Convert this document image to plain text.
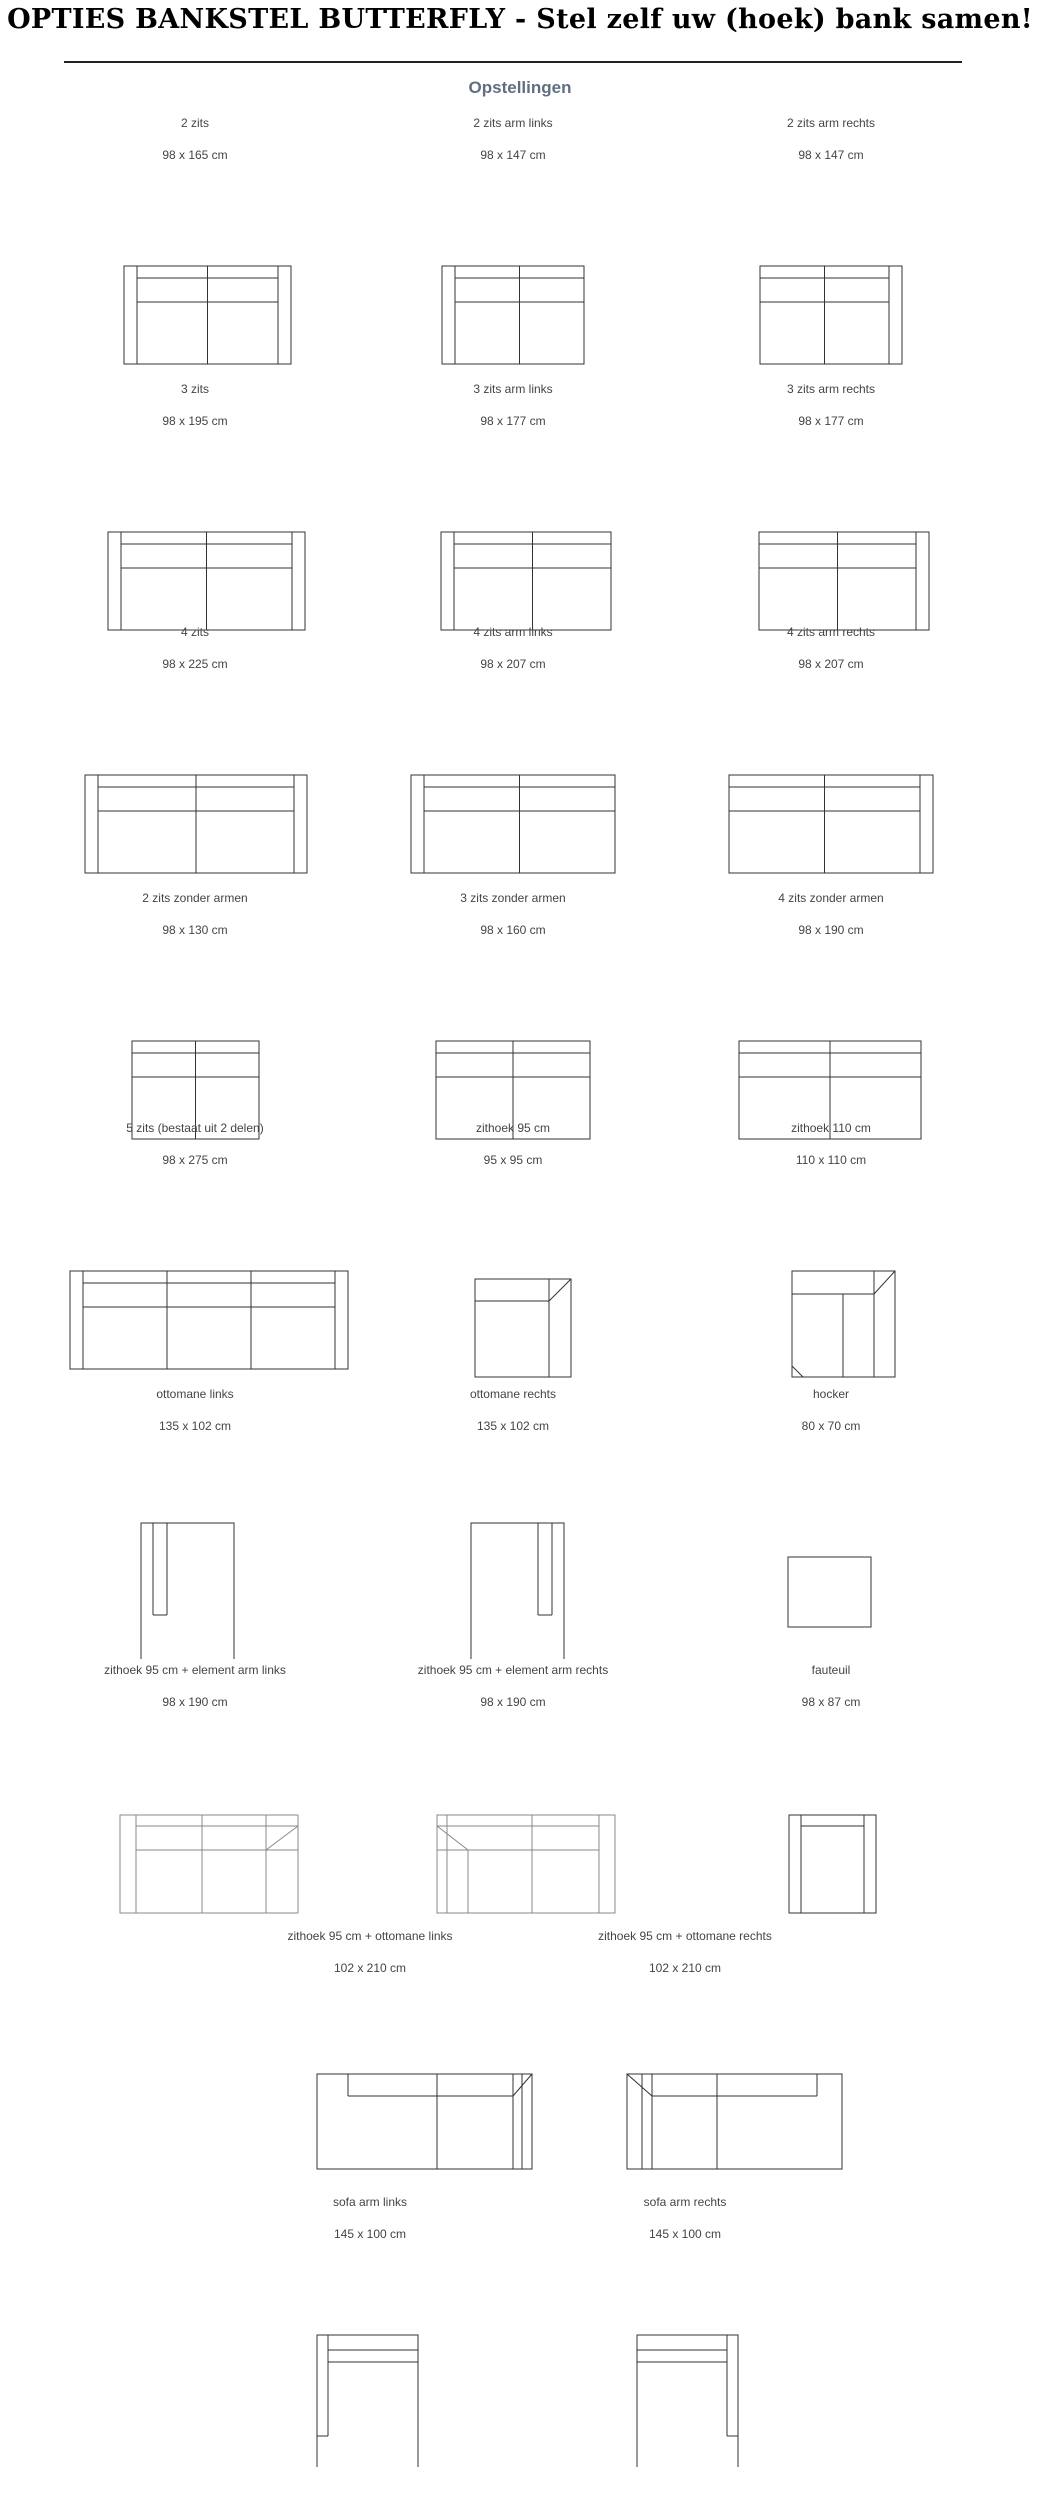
OPTIES BANKSTEL BUTTERFLY - Stel zelf uw (hoek) bank samen!
Opstellingen
2 zits
98 x 165 cm
2 zits arm links
98 x 147 cm
2 zits arm rechts
98 x 147 cm
3 zits
98 x 195 cm
3 zits arm links
98 x 177 cm
3 zits arm rechts
98 x 177 cm
4 zits
98 x 225 cm
4 zits arm links
98 x 207 cm
4 zits arm rechts
98 x 207 cm
2 zits zonder armen
98 x 130 cm
3 zits zonder armen
98 x 160 cm
4 zits zonder armen
98 x 190 cm
5 zits (bestaat uit 2 delen)
98 x 275 cm
zithoek 95 cm
95 x 95 cm
zithoek 110 cm
110 x 110 cm
ottomane links
135 x 102 cm
ottomane rechts
135 x 102 cm
hocker
80 x 70 cm
zithoek 95 cm + element arm links
98 x 190 cm
zithoek 95 cm + element arm rechts
98 x 190 cm
fauteuil
98 x 87 cm
zithoek 95 cm + ottomane links
102 x 210 cm
zithoek 95 cm + ottomane rechts
102 x 210 cm
sofa arm links
145 x 100 cm
sofa arm rechts
145 x 100 cm
